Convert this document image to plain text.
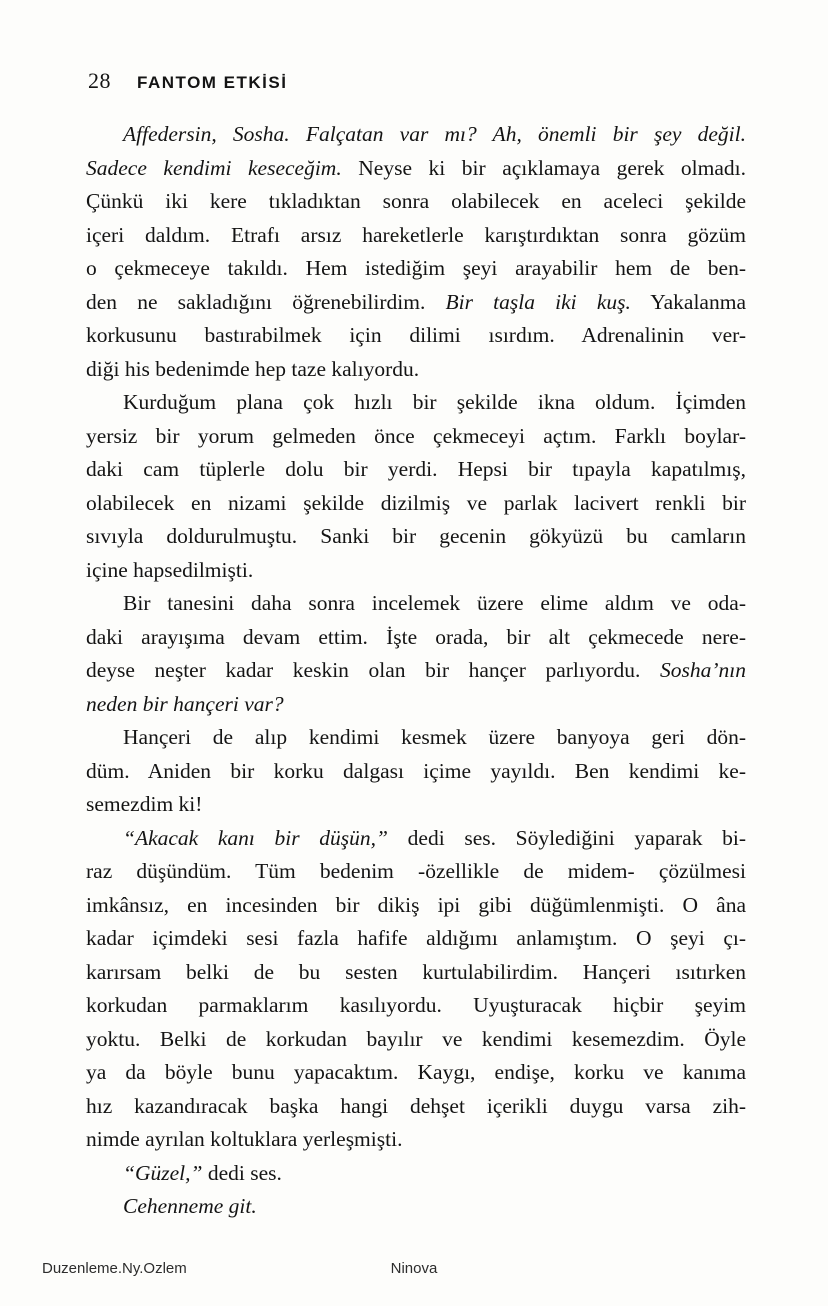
28 FANTOM ETKİSİ
Affedersin, Sosha. Falçatan var mı? Ah, önemli bir şey değil.
Sadece kendimi keseceğim. Neyse ki bir açıklamaya gerek olmadı.
Çünkü iki kere tıkladıktan sonra olabilecek en aceleci şekilde
içeri daldım. Etrafı arsız hareketlerle karıştırdıktan sonra gözüm
o çekmeceye takıldı. Hem istediğim şeyi arayabilir hem de ben-
den ne sakladığını öğrenebilirdim. Bir taşla iki kuş. Yakalanma
korkusunu bastırabilmek için dilimi ısırdım. Adrenalinin ver-
diği his bedenimde hep taze kalıyordu.
Kurduğum plana çok hızlı bir şekilde ikna oldum. İçimden
yersiz bir yorum gelmeden önce çekmeceyi açtım. Farklı boylar-
daki cam tüplerle dolu bir yerdi. Hepsi bir tıpayla kapatılmış,
olabilecek en nizami şekilde dizilmiş ve parlak lacivert renkli bir
sıvıyla doldurulmuştu. Sanki bir gecenin gökyüzü bu camların
içine hapsedilmişti.
Bir tanesini daha sonra incelemek üzere elime aldım ve oda-
daki arayışıma devam ettim. İşte orada, bir alt çekmecede nere-
deyse neşter kadar keskin olan bir hançer parlıyordu. Sosha’nın
neden bir hançeri var?
Hançeri de alıp kendimi kesmek üzere banyoya geri dön-
düm. Aniden bir korku dalgası içime yayıldı. Ben kendimi ke-
semezdim ki!
“Akacak kanı bir düşün,” dedi ses. Söylediğini yaparak bi-
raz düşündüm. Tüm bedenim -özellikle de midem- çözülmesi
imkânsız, en incesinden bir dikiş ipi gibi düğümlenmişti. O âna
kadar içimdeki sesi fazla hafife aldığımı anlamıştım. O şeyi çı-
karırsam belki de bu sesten kurtulabilirdim. Hançeri ısıtırken
korkudan parmaklarım kasılıyordu. Uyuşturacak hiçbir şeyim
yoktu. Belki de korkudan bayılır ve kendimi kesemezdim. Öyle
ya da böyle bunu yapacaktım. Kaygı, endişe, korku ve kanıma
hız kazandıracak başka hangi dehşet içerikli duygu varsa zih-
nimde ayrılan koltuklara yerleşmişti.
“Güzel,” dedi ses.
Cehenneme git.
Ninova
Duzenleme.Ny.Ozlem
